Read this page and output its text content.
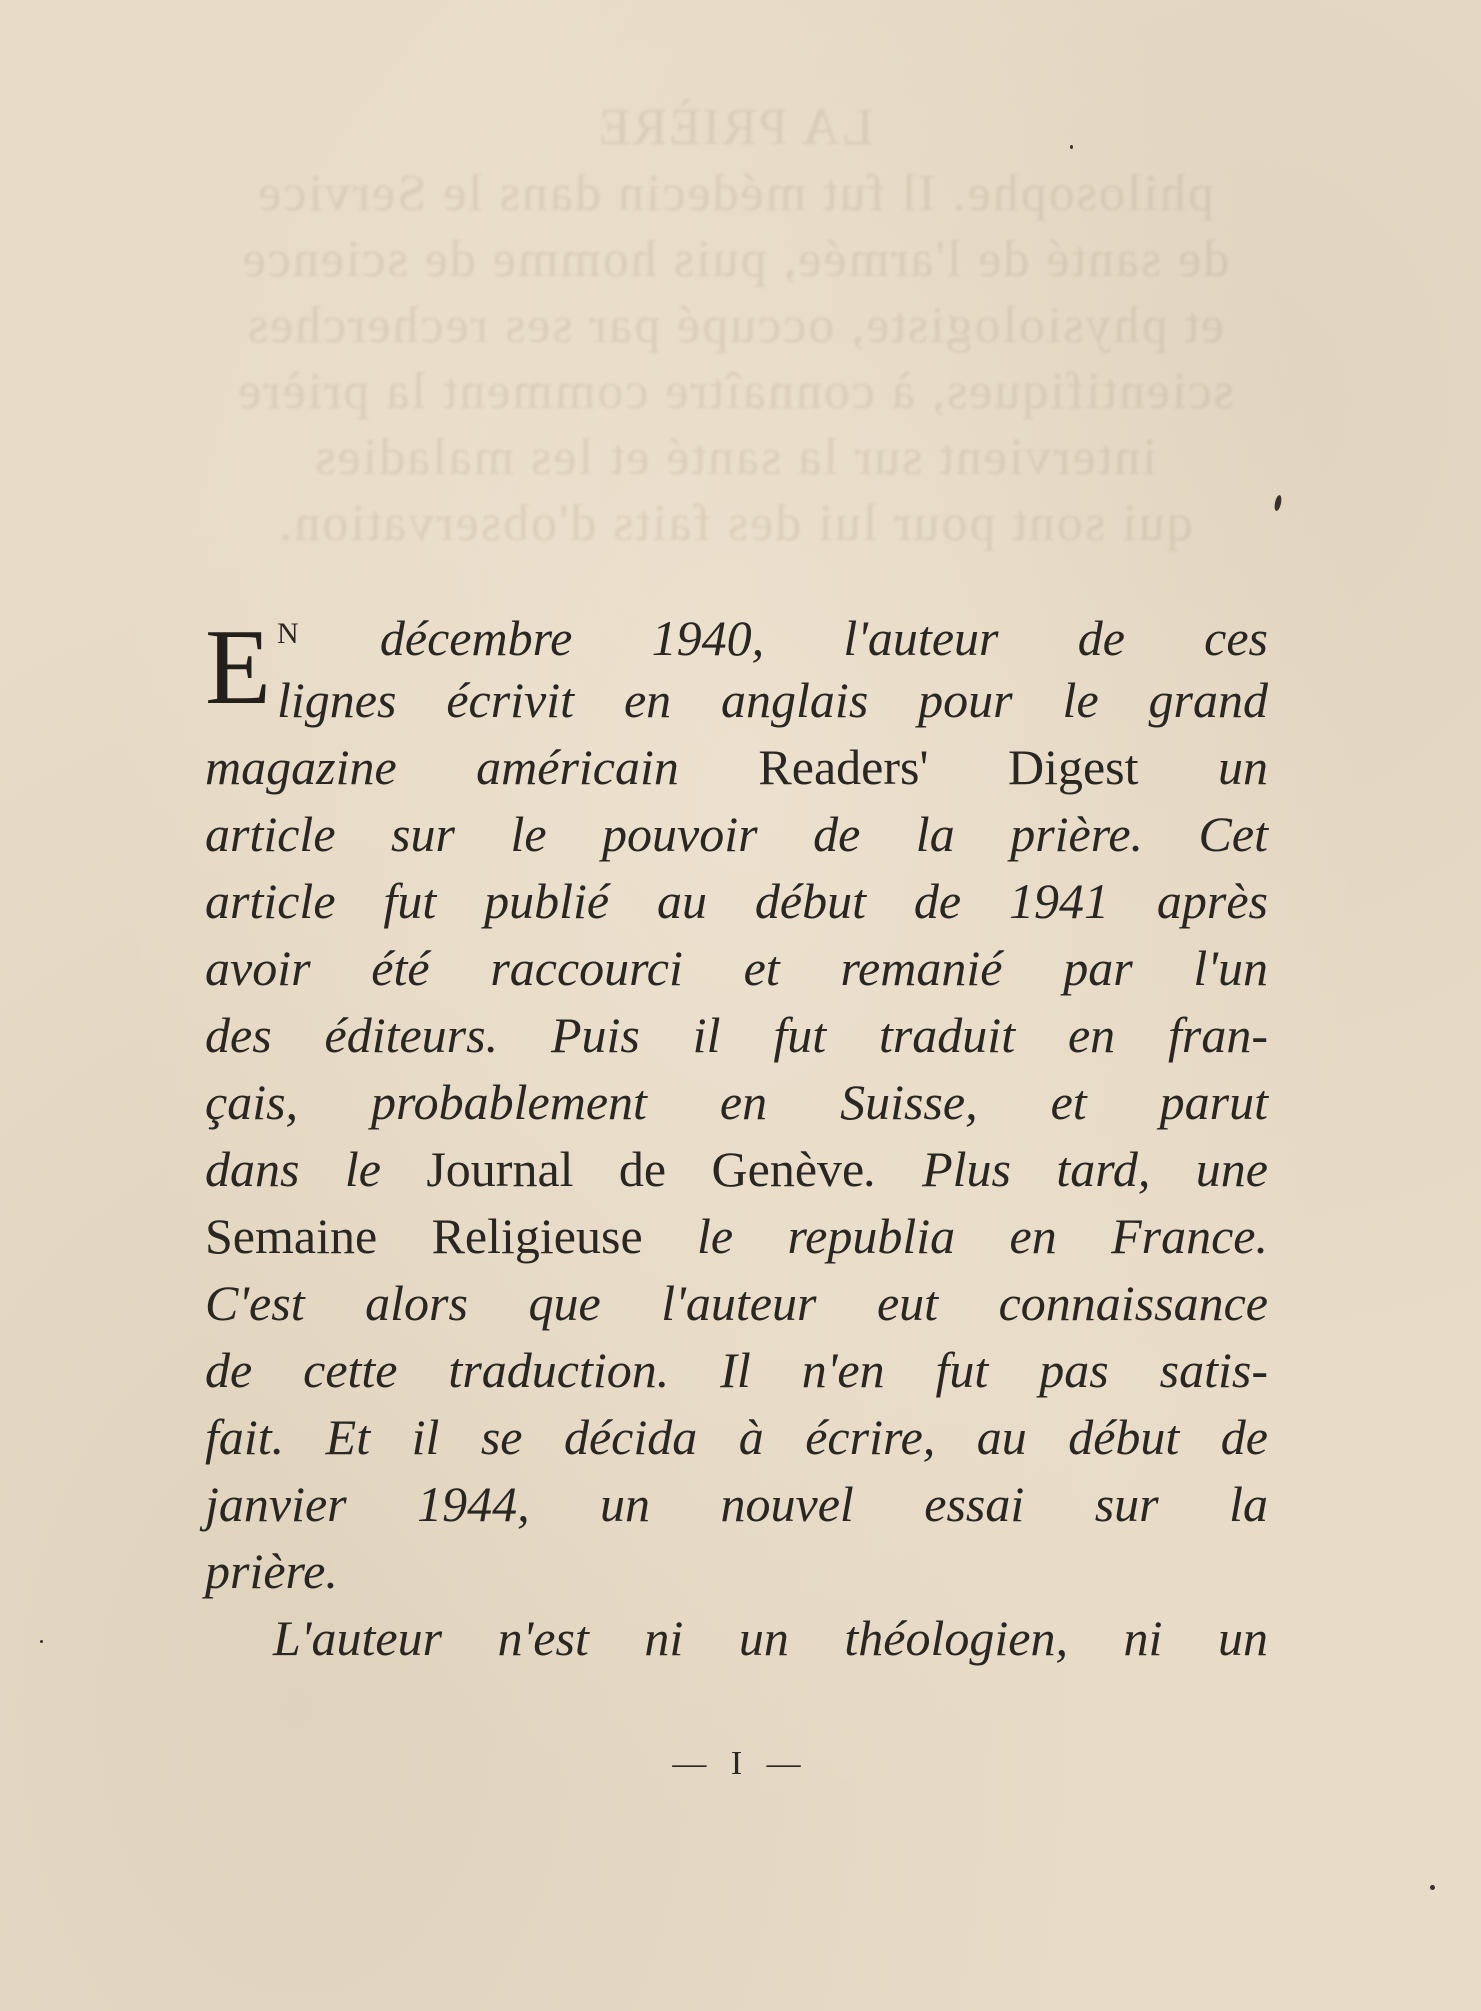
LA PRIÈRE
philosophe. Il fut médecin dans le Service
de santé de l'armée, puis homme de science
et physiologiste, occupé par ses recherches
scientifiques, à connaître comment la prière
intervient sur la santé et les maladies
qui sont pour lui des faits d'observation.
E $^N$ décembre 1940, l'auteur de ces
lignes écrivit en anglais pour le grand
magazine américain Readers' Digest un
article sur le pouvoir de la prière. Cet
article fut publié au début de 1941 après
avoir été raccourci et remanié par l'un
des éditeurs. Puis il fut traduit en fran-
çais, probablement en Suisse, et parut
dans le Journal de Genève. Plus tard, une
Semaine Religieuse le republia en France.
C'est alors que l'auteur eut connaissance
de cette traduction. Il n'en fut pas satis-
fait. Et il se décida à écrire, au début de
janvier 1944, un nouvel essai sur la
prière.
L'auteur n'est ni un théologien, ni un
— I —
